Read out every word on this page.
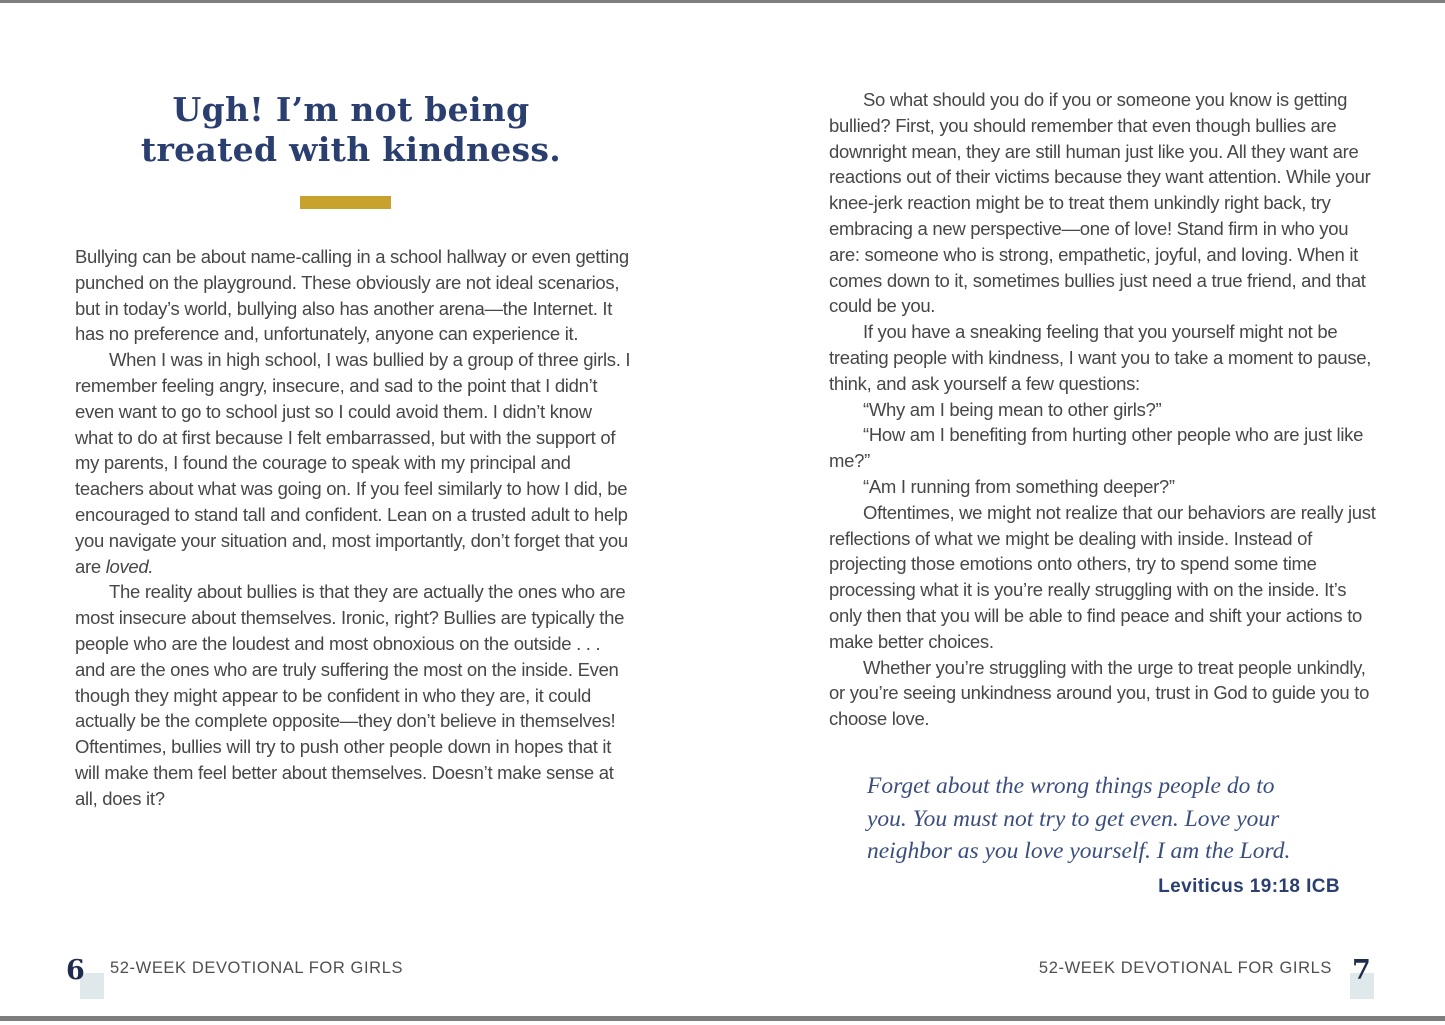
Ugh! I’m not being
treated with kindness.

Bullying can be about name-calling in a school hallway or even getting punched on the playground. These obviously are not ideal scenarios, but in today’s world, bullying also has another arena—the Internet. It has no preference and, unfortunately, anyone can experience it.

When I was in high school, I was bullied by a group of three girls. I remember feeling angry, insecure, and sad to the point that I didn’t even want to go to school just so I could avoid them. I didn’t know what to do at first because I felt embarrassed, but with the support of my parents, I found the courage to speak with my principal and teachers about what was going on. If you feel similarly to how I did, be encouraged to stand tall and confident. Lean on a trusted adult to help you navigate your situation and, most importantly, don’t forget that you are loved.

The reality about bullies is that they are actually the ones who are most insecure about themselves. Ironic, right? Bullies are typically the people who are the loudest and most obnoxious on the outside . . . and are the ones who are truly suffering the most on the inside. Even though they might appear to be confident in who they are, it could actually be the complete opposite—they don’t believe in themselves! Oftentimes, bullies will try to push other people down in hopes that it will make them feel better about themselves. Doesn’t make sense at all, does it?

So what should you do if you or someone you know is getting bullied? First, you should remember that even though bullies are downright mean, they are still human just like you. All they want are reactions out of their victims because they want attention. While your knee-jerk reaction might be to treat them unkindly right back, try embracing a new perspective—one of love! Stand firm in who you are: someone who is strong, empathetic, joyful, and loving. When it comes down to it, sometimes bullies just need a true friend, and that could be you.

If you have a sneaking feeling that you yourself might not be treating people with kindness, I want you to take a moment to pause, think, and ask yourself a few questions:

“Why am I being mean to other girls?”

“How am I benefiting from hurting other people who are just like me?”

“Am I running from something deeper?”

Oftentimes, we might not realize that our behaviors are really just reflections of what we might be dealing with inside. Instead of projecting those emotions onto others, try to spend some time processing what it is you’re really struggling with on the inside. It’s only then that you will be able to find peace and shift your actions to make better choices.

Whether you’re struggling with the urge to treat people unkindly, or you’re seeing unkindness around you, trust in God to guide you to choose love.

Forget about the wrong things people do to
you. You must not try to get even. Love your
neighbor as you love yourself. I am the Lord.
Leviticus 19:18 ICB
6 52-WEEK DEVOTIONAL FOR GIRLS	52-WEEK DEVOTIONAL FOR GIRLS 7
